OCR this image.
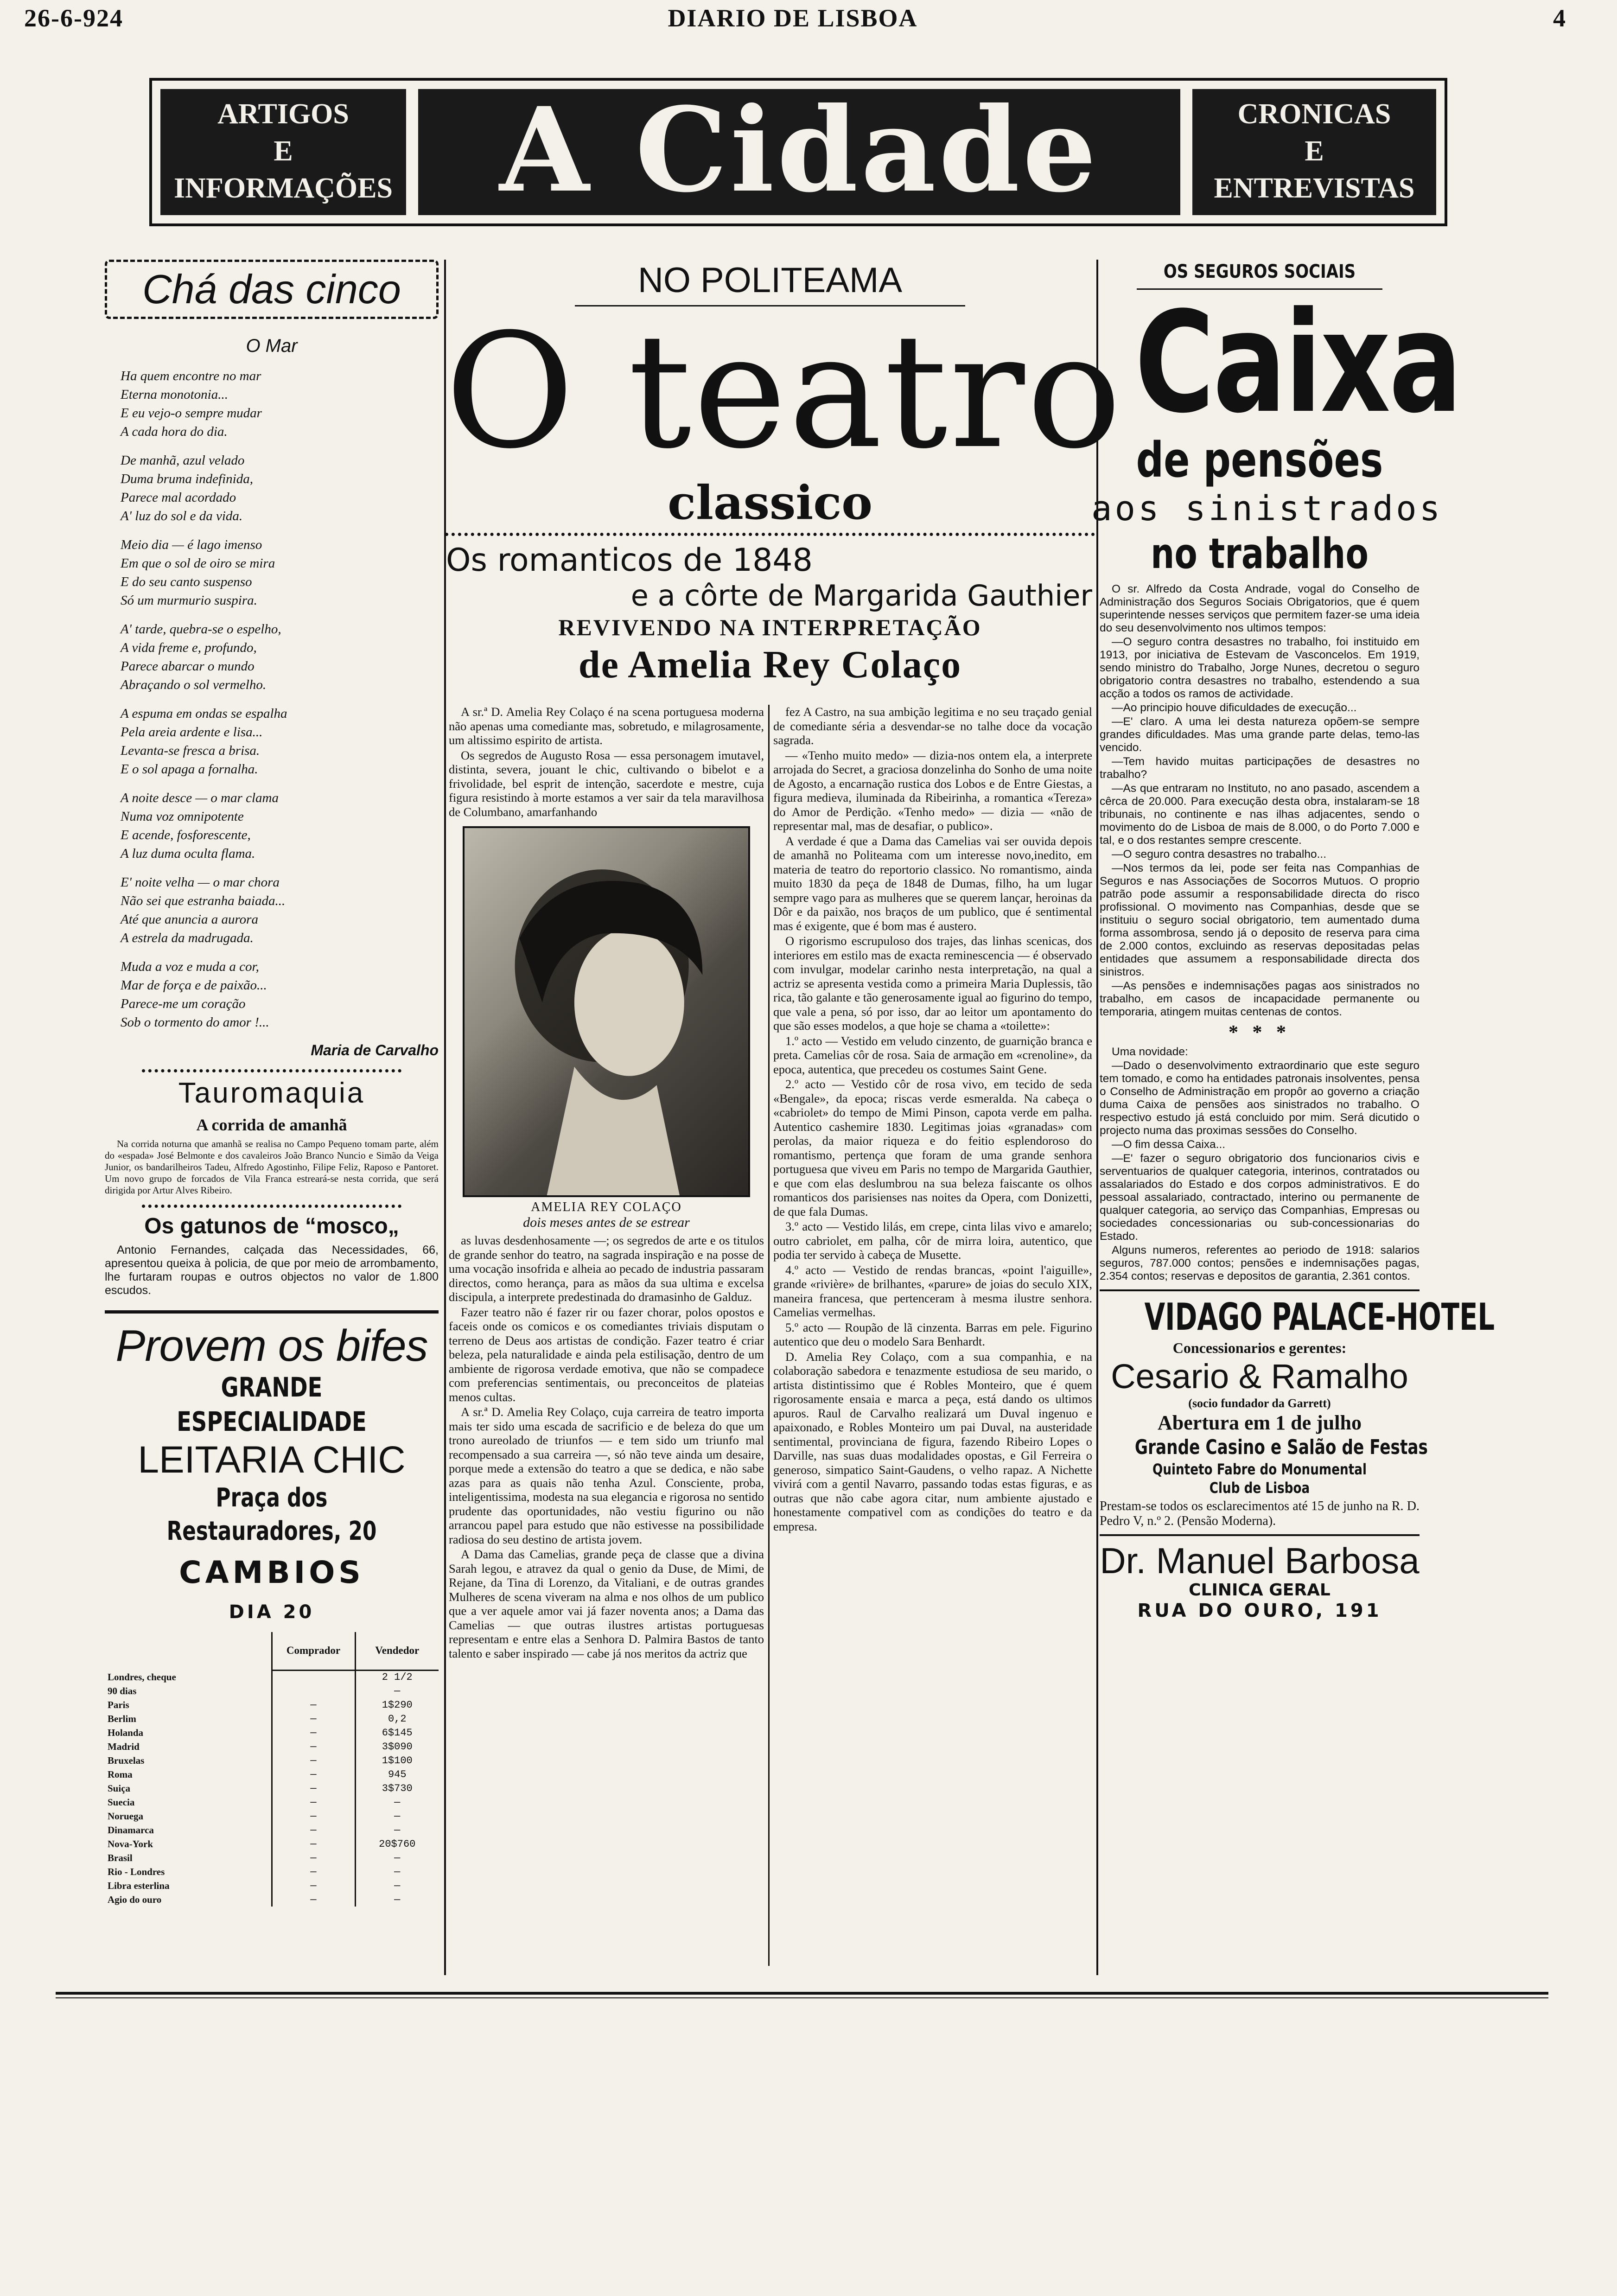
26-6-924	DIARIO DE LISBOA	4
ARTIGOS
E
INFORMAÇÕES A Cidade	CRONICAS
E
ENTREVISTAS
Chá das cinco
O Mar
Ha quem encontre no mar
Eterna monotonia...
E eu vejo-o sempre mudar
A cada hora do dia.
De manhã, azul velado
Duma bruma indefinida,
Parece mal acordado
A' luz do sol e da vida.
Meio dia — é lago imenso
Em que o sol de oiro se mira
E do seu canto suspenso
Só um murmurio suspira.
A' tarde, quebra-se o espelho,
A vida freme e, profundo,
Parece abarcar o mundo
Abraçando o sol vermelho.
A espuma em ondas se espalha
Pela areia ardente e lisa...
Levanta-se fresca a brisa.
E o sol apaga a fornalha.
A noite desce — o mar clama
Numa voz omnipotente
E acende, fosforescente,
A luz duma oculta flama.
E' noite velha — o mar chora
Não sei que estranha baiada...
Até que anuncia a aurora
A estrela da madrugada.
Muda a voz e muda a cor,
Mar de força e de paixão...
Parece-me um coração
Sob o tormento do amor !...
Maria de Carvalho
Tauromaquia
A corrida de amanhã
Na corrida noturna que amanhã se realisa no Campo Pequeno tomam parte, além do «espada» José Belmonte e dos cavaleiros João Branco Nuncio e Simão da Veiga Junior, os bandarilheiros Tadeu, Alfredo Agostinho, Filipe Feliz, Raposo e Pantoret. Um novo grupo de forcados de Vila Franca estreará-se nesta corrida, que será dirigida por Artur Alves Ribeiro.
Os gatunos de “mosco„
Antonio Fernandes, calçada das Necessidades, 66, apresentou queixa à policia, de que por meio de arrombamento, lhe furtaram roupas e outros objectos no valor de 1.800 escudos.
Provem os bifes
GRANDE ESPECIALIDADE
LEITARIA CHIC
Praça dos Restauradores, 20
CAMBIOS
DIA 20
	Comprador	Vendedor
Londres, cheque		2 1/2
90 dias		—
Paris	—	1$290
Berlim	—	0,2
Holanda	—	6$145
Madrid	—	3$090
Bruxelas	—	1$100
Roma	—	945
Suiça	—	3$730
Suecia	—	—
Noruega	—	—
Dinamarca	—	—
Nova-York	—	20$760
Brasil	—	—
Rio - Londres	—	—
Libra esterlina	—	—
Agio do ouro	—	—
NO POLITEAMA
O teatro
classico
Os romanticos de 1848
e a côrte de Margarida Gauthier
REVIVENDO NA INTERPRETAÇÃO
de Amelia Rey Colaço
A sr.ª D. Amelia Rey Colaço é na scena portuguesa moderna não apenas uma comediante mas, sobretudo, e milagrosamente, um altissimo espirito de artista.
Os segredos de Augusto Rosa — essa personagem imutavel, distinta, severa, jouant le chic, cultivando o bibelot e a frivolidade, bel esprit de intenção, sacerdote e mestre, cuja figura resistindo à morte estamos a ver sair da tela maravilhosa de Columbano, amarfanhando
AMELIA REY COLAÇO
dois meses antes de se estrear
as luvas desdenhosamente —; os segredos de arte e os titulos de grande senhor do teatro, na sagrada inspiração e na posse de uma vocação insofrida e alheia ao pecado de industria passaram directos, como herança, para as mãos da sua ultima e excelsa discipula, a interprete predestinada do dramasinho de Galduz.
Fazer teatro não é fazer rir ou fazer chorar, polos opostos e faceis onde os comicos e os comediantes triviais disputam o terreno de Deus aos artistas de condição. Fazer teatro é criar beleza, pela naturalidade e ainda pela estilisação, dentro de um ambiente de rigorosa verdade emotiva, que não se compadece com preferencias sentimentais, ou preconceitos de plateias menos cultas.
A sr.ª D. Amelia Rey Colaço, cuja carreira de teatro importa mais ter sido uma escada de sacrificio e de beleza do que um trono aureolado de triunfos — e tem sido um triunfo mal recompensado a sua carreira —, só não teve ainda um desaire, porque mede a extensão do teatro a que se dedica, e não sabe azas para as quais não tenha Azul. Consciente, proba, inteligentissima, modesta na sua elegancia e rigorosa no sentido prudente das oportunidades, não vestiu figurino ou não arrancou papel para estudo que não estivesse na possibilidade radiosa do seu destino de artista jovem.
A Dama das Camelias, grande peça de classe que a divina Sarah legou, e atravez da qual o genio da Duse, de Mimi, de Rejane, da Tina di Lorenzo, da Vitaliani, e de outras grandes Mulheres de scena viveram na alma e nos olhos de um publico que a ver aquele amor vai já fazer noventa anos; a Dama das Camelias — que outras ilustres artistas portuguesas representam e entre elas a Senhora D. Palmira Bastos de tanto talento e saber inspirado — cabe já nos meritos da actriz que
fez A Castro, na sua ambição legitima e no seu traçado genial de comediante séria a desvendar-se no talhe doce da vocação sagrada.
— «Tenho muito medo» — dizia-nos ontem ela, a interprete arrojada do Secret, a graciosa donzelinha do Sonho de uma noite de Agosto, a encarnação rustica dos Lobos e de Entre Giestas, a figura medieva, iluminada da Ribeirinha, a romantica «Tereza» do Amor de Perdição. «Tenho medo» — dizia — «não de representar mal, mas de desafiar, o publico».
A verdade é que a Dama das Camelias vai ser ouvida depois de amanhã no Politeama com um interesse novo,inedito, em materia de teatro do reportorio classico. No romantismo, ainda muito 1830 da peça de 1848 de Dumas, filho, ha um lugar sempre vago para as mulheres que se querem lançar, heroinas da Dôr e da paixão, nos braços de um publico, que é sentimental mas é exigente, que é bom mas é austero.
O rigorismo escrupuloso dos trajes, das linhas scenicas, dos interiores em estilo mas de exacta reminescencia — é observado com invulgar, modelar carinho nesta interpretação, na qual a actriz se apresenta vestida como a primeira Maria Duplessis, tão rica, tão galante e tão generosamente igual ao figurino do tempo, que vale a pena, só por isso, dar ao leitor um apontamento do que são esses modelos, a que hoje se chama a «toilette»:
1.º acto — Vestido em veludo cinzento, de guarnição branca e preta. Camelias côr de rosa. Saia de armação em «crenoline», da epoca, autentica, que precedeu os costumes Saint Gene.
2.º acto — Vestido côr de rosa vivo, em tecido de seda «Bengale», da epoca; riscas verde esmeralda. Na cabeça o «cabriolet» do tempo de Mimi Pinson, capota verde em palha. Autentico cashemire 1830. Legitimas joias «granadas» com perolas, da maior riqueza e do feitio esplendoroso do romantismo, pertença que foram de uma grande senhora portuguesa que viveu em Paris no tempo de Margarida Gauthier, e que com elas deslumbrou na sua beleza faiscante os olhos romanticos dos parisienses nas noites da Opera, com Donizetti, de que fala Dumas.
3.º acto — Vestido lilás, em crepe, cinta lilas vivo e amarelo; outro cabriolet, em palha, côr de mirra loira, autentico, que podia ter servido à cabeça de Musette.
4.º acto — Vestido de rendas brancas, «point l'aiguille», grande «rivière» de brilhantes, «parure» de joias do seculo XIX, maneira francesa, que pertenceram à mesma ilustre senhora. Camelias vermelhas.
5.º acto — Roupão de lã cinzenta. Barras em pele. Figurino autentico que deu o modelo Sara Benhardt.
D. Amelia Rey Colaço, com a sua companhia, e na colaboração sabedora e tenazmente estudiosa de seu marido, o artista distintissimo que é Robles Monteiro, que é quem rigorosamente ensaia e marca a peça, está dando os ultimos apuros. Raul de Carvalho realizará um Duval ingenuo e apaixonado, e Robles Monteiro um pai Duval, na austeridade sentimental, provinciana de figura, fazendo Ribeiro Lopes o Darville, nas suas duas modalidades opostas, e Gil Ferreira o generoso, simpatico Saint-Gaudens, o velho rapaz. A Nichette vivirá com a gentil Navarro, passando todas estas figuras, e as outras que não cabe agora citar, num ambiente ajustado e honestamente compativel com as condições do teatro e da empresa.
OS SEGUROS SOCIAIS
Caixa
de pensões
aos sinistrados
no trabalho
O sr. Alfredo da Costa Andrade, vogal do Conselho de Administração dos Seguros Sociais Obrigatorios, que é quem superintende nesses serviços que permitem fazer-se uma ideia do seu desenvolvimento nos ultimos tempos:
—O seguro contra desastres no trabalho, foi instituido em 1913, por iniciativa de Estevam de Vasconcelos. Em 1919, sendo ministro do Trabalho, Jorge Nunes, decretou o seguro obrigatorio contra desastres no trabalho, estendendo a sua acção a todos os ramos de actividade.
—Ao principio houve dificuldades de execução...
—E' claro. A uma lei desta natureza opõem-se sempre grandes dificuldades. Mas uma grande parte delas, temo-las vencido.
—Tem havido muitas participações de desastres no trabalho?
—As que entraram no Instituto, no ano pasado, ascendem a cêrca de 20.000. Para execução desta obra, instalaram-se 18 tribunais, no continente e nas ilhas adjacentes, sendo o movimento do de Lisboa de mais de 8.000, o do Porto 7.000 e tal, e o dos restantes sempre crescente.
—O seguro contra desastres no trabalho...
—Nos termos da lei, pode ser feita nas Companhias de Seguros e nas Associações de Socorros Mutuos. O proprio patrão pode assumir a responsabilidade directa do risco profissional. O movimento nas Companhias, desde que se instituiu o seguro social obrigatorio, tem aumentado duma forma assombrosa, sendo já o deposito de reserva para cima de 2.000 contos, excluindo as reservas depositadas pelas entidades que assumem a responsabilidade directa dos sinistros.
—As pensões e indemnisações pagas aos sinistrados no trabalho, em casos de incapacidade permanente ou temporaria, atingem muitas centenas de contos.
* * *
Uma novidade:
—Dado o desenvolvimento extraordinario que este seguro tem tomado, e como ha entidades patronais insolventes, pensa o Conselho de Administração em propôr ao governo a criação duma Caixa de pensões aos sinistrados no trabalho. O respectivo estudo já está concluido por mim. Será dicutido o projecto numa das proximas sessões do Conselho.
—O fim dessa Caixa...
—E' fazer o seguro obrigatorio dos funcionarios civis e serventuarios de qualquer categoria, interinos, contratados ou assalariados do Estado e dos corpos administrativos. E do pessoal assalariado, contractado, interino ou permanente de qualquer categoria, ao serviço das Companhias, Empresas ou sociedades concessionarias ou sub-concessionarias do Estado.
Alguns numeros, referentes ao periodo de 1918: salarios seguros, 787.000 contos; pensões e indemnisações pagas, 2.354 contos; reservas e depositos de garantia, 2.361 contos.
VIDAGO PALACE-HOTEL
Concessionarios e gerentes:
Cesario & Ramalho
(socio fundador da Garrett)
Abertura em 1 de julho
Grande Casino e Salão de Festas
Quinteto Fabre do Monumental Club de Lisboa
Prestam-se todos os esclarecimentos até 15 de junho na R. D. Pedro V, n.º 2. (Pensão Moderna).
Dr. Manuel Barbosa
CLINICA GERAL
RUA DO OURO, 191
